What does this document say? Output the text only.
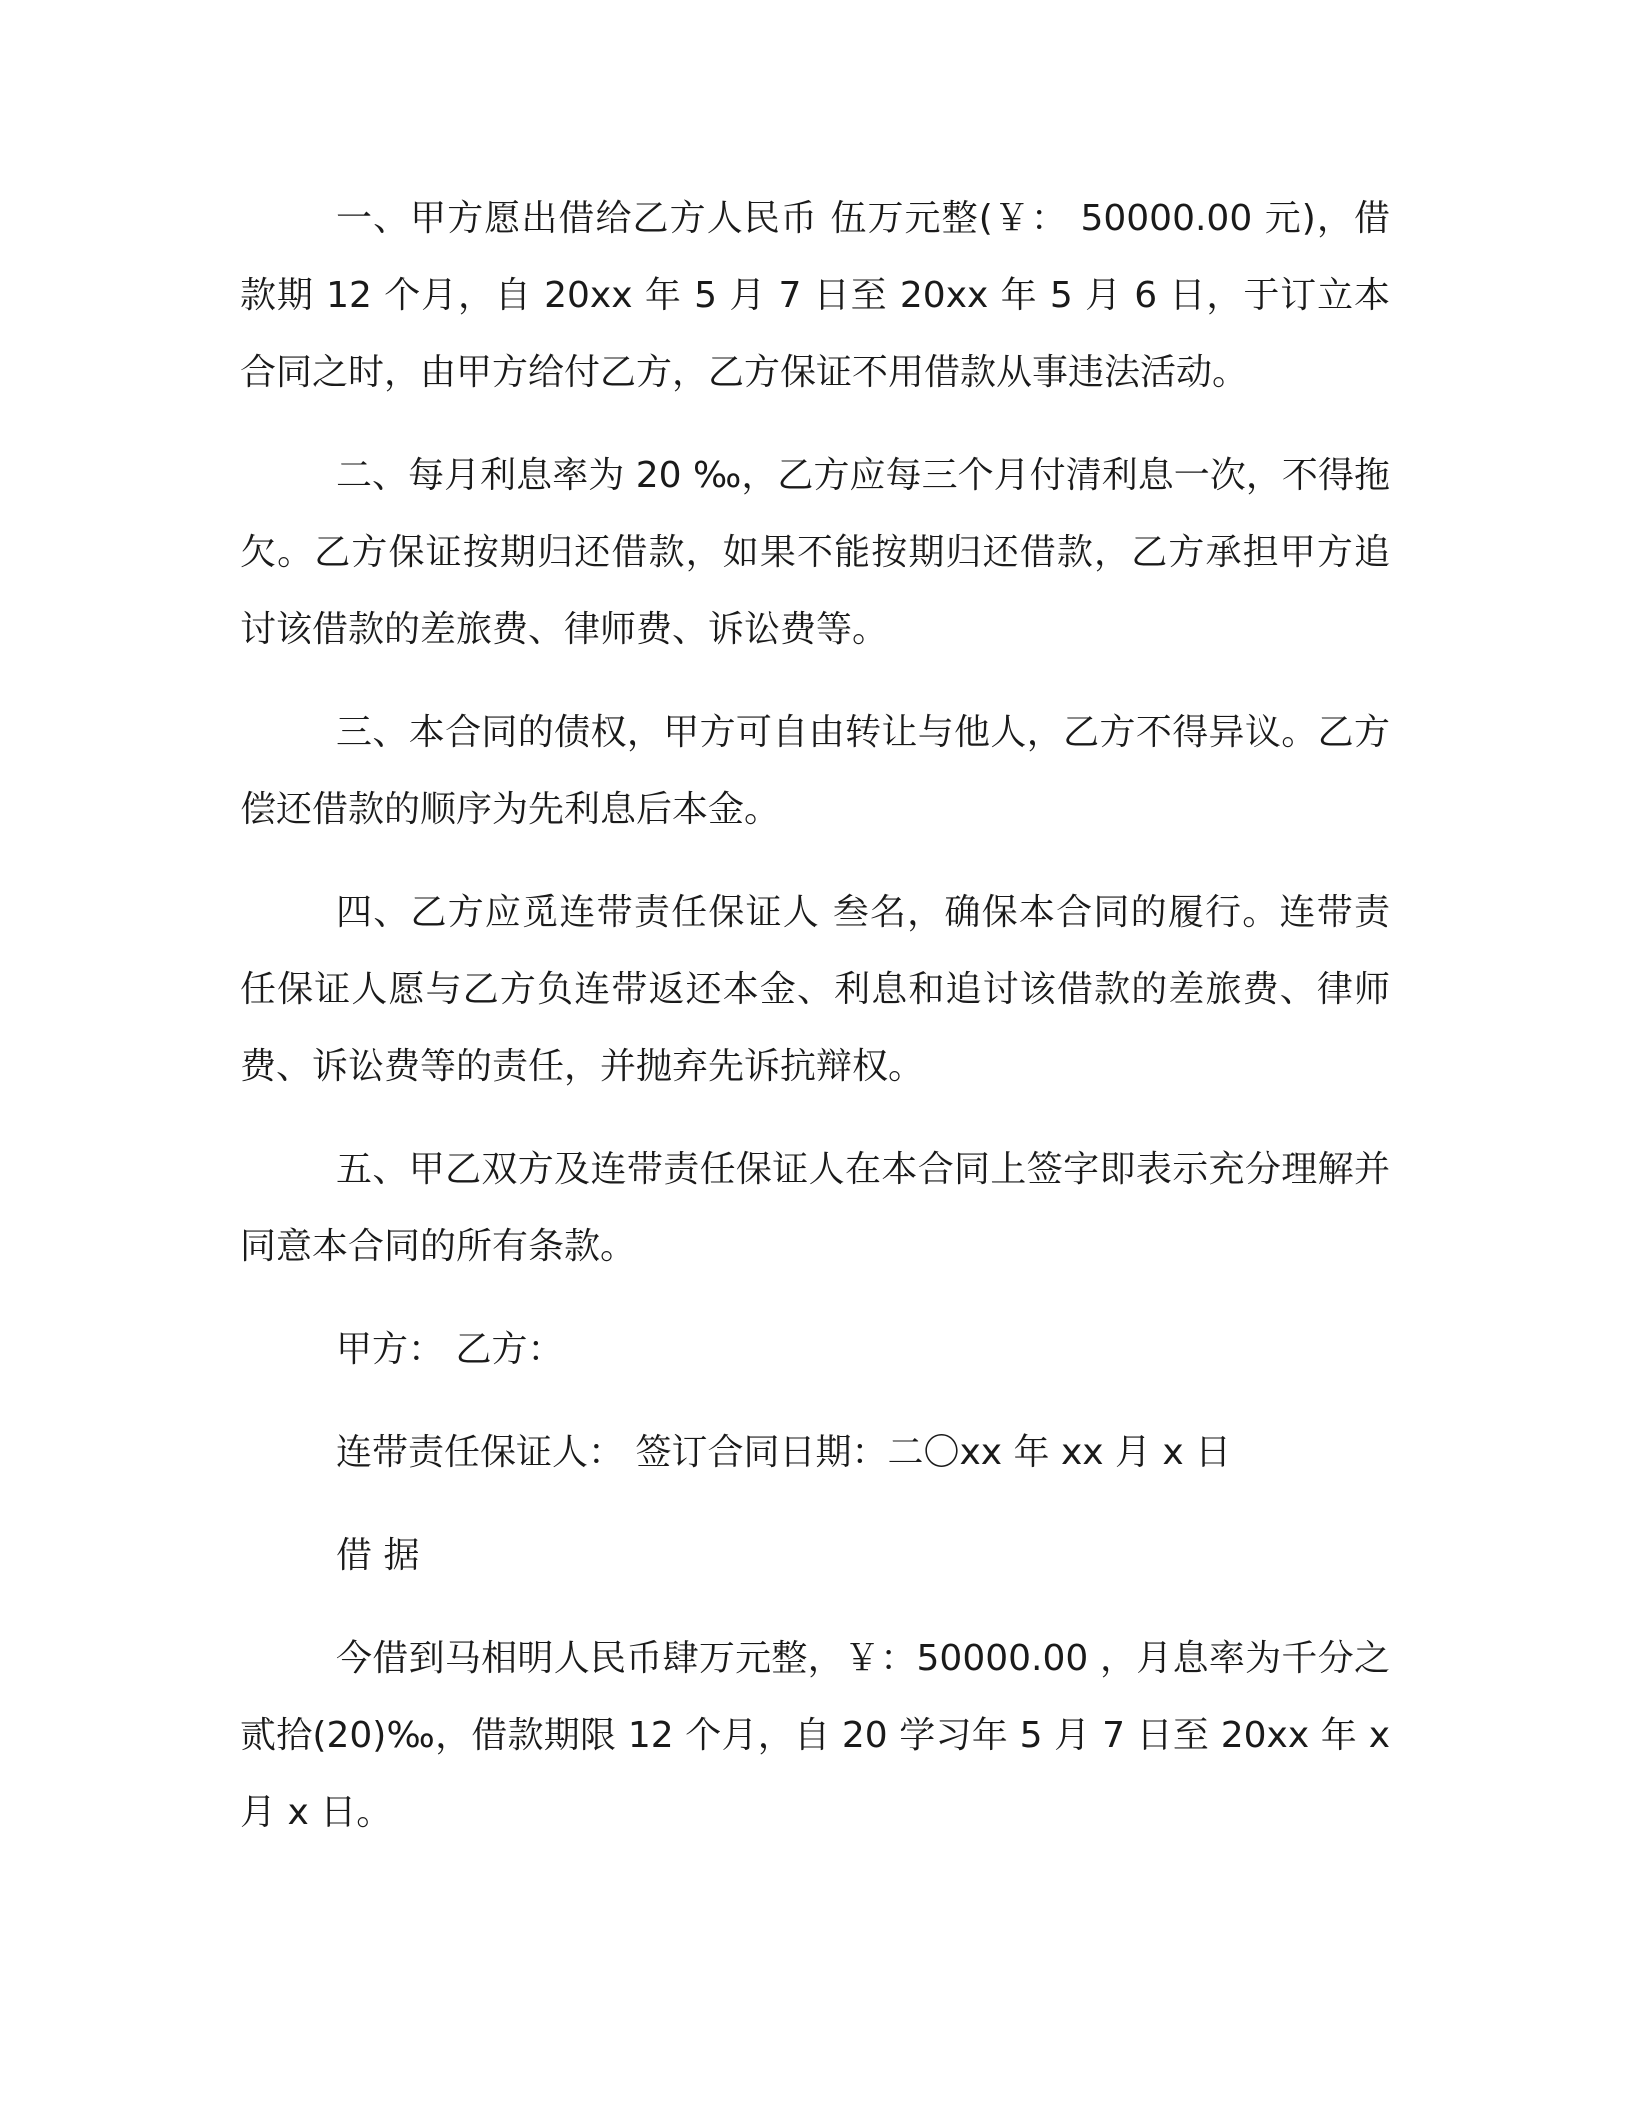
一、甲方愿出借给乙方人民币 伍万元整(￥： 50000.00 元)，借款期 12 个月，自 20xx 年 5 月 7 日至 20xx 年 5 月 6 日，于订立本合同之时，由甲方给付乙方，乙方保证不用借款从事违法活动。

二、每月利息率为 20 ‰，乙方应每三个月付清利息一次，不得拖欠。乙方保证按期归还借款，如果不能按期归还借款，乙方承担甲方追讨该借款的差旅费、律师费、诉讼费等。

三、本合同的债权，甲方可自由转让与他人，乙方不得异议。乙方偿还借款的顺序为先利息后本金。

四、乙方应觅连带责任保证人 叁名，确保本合同的履行。连带责任保证人愿与乙方负连带返还本金、利息和追讨该借款的差旅费、律师费、诉讼费等的责任，并抛弃先诉抗辩权。

五、甲乙双方及连带责任保证人在本合同上签字即表示充分理解并同意本合同的所有条款。

甲方： 乙方：

连带责任保证人： 签订合同日期：二〇xx 年 xx 月 x 日

借 据

今借到马相明人民币肆万元整，￥：50000.00 ，月息率为千分之 贰拾(20)‰，借款期限 12 个月，自 20 学习年 5 月 7 日至 20xx 年 x 月 x 日。
